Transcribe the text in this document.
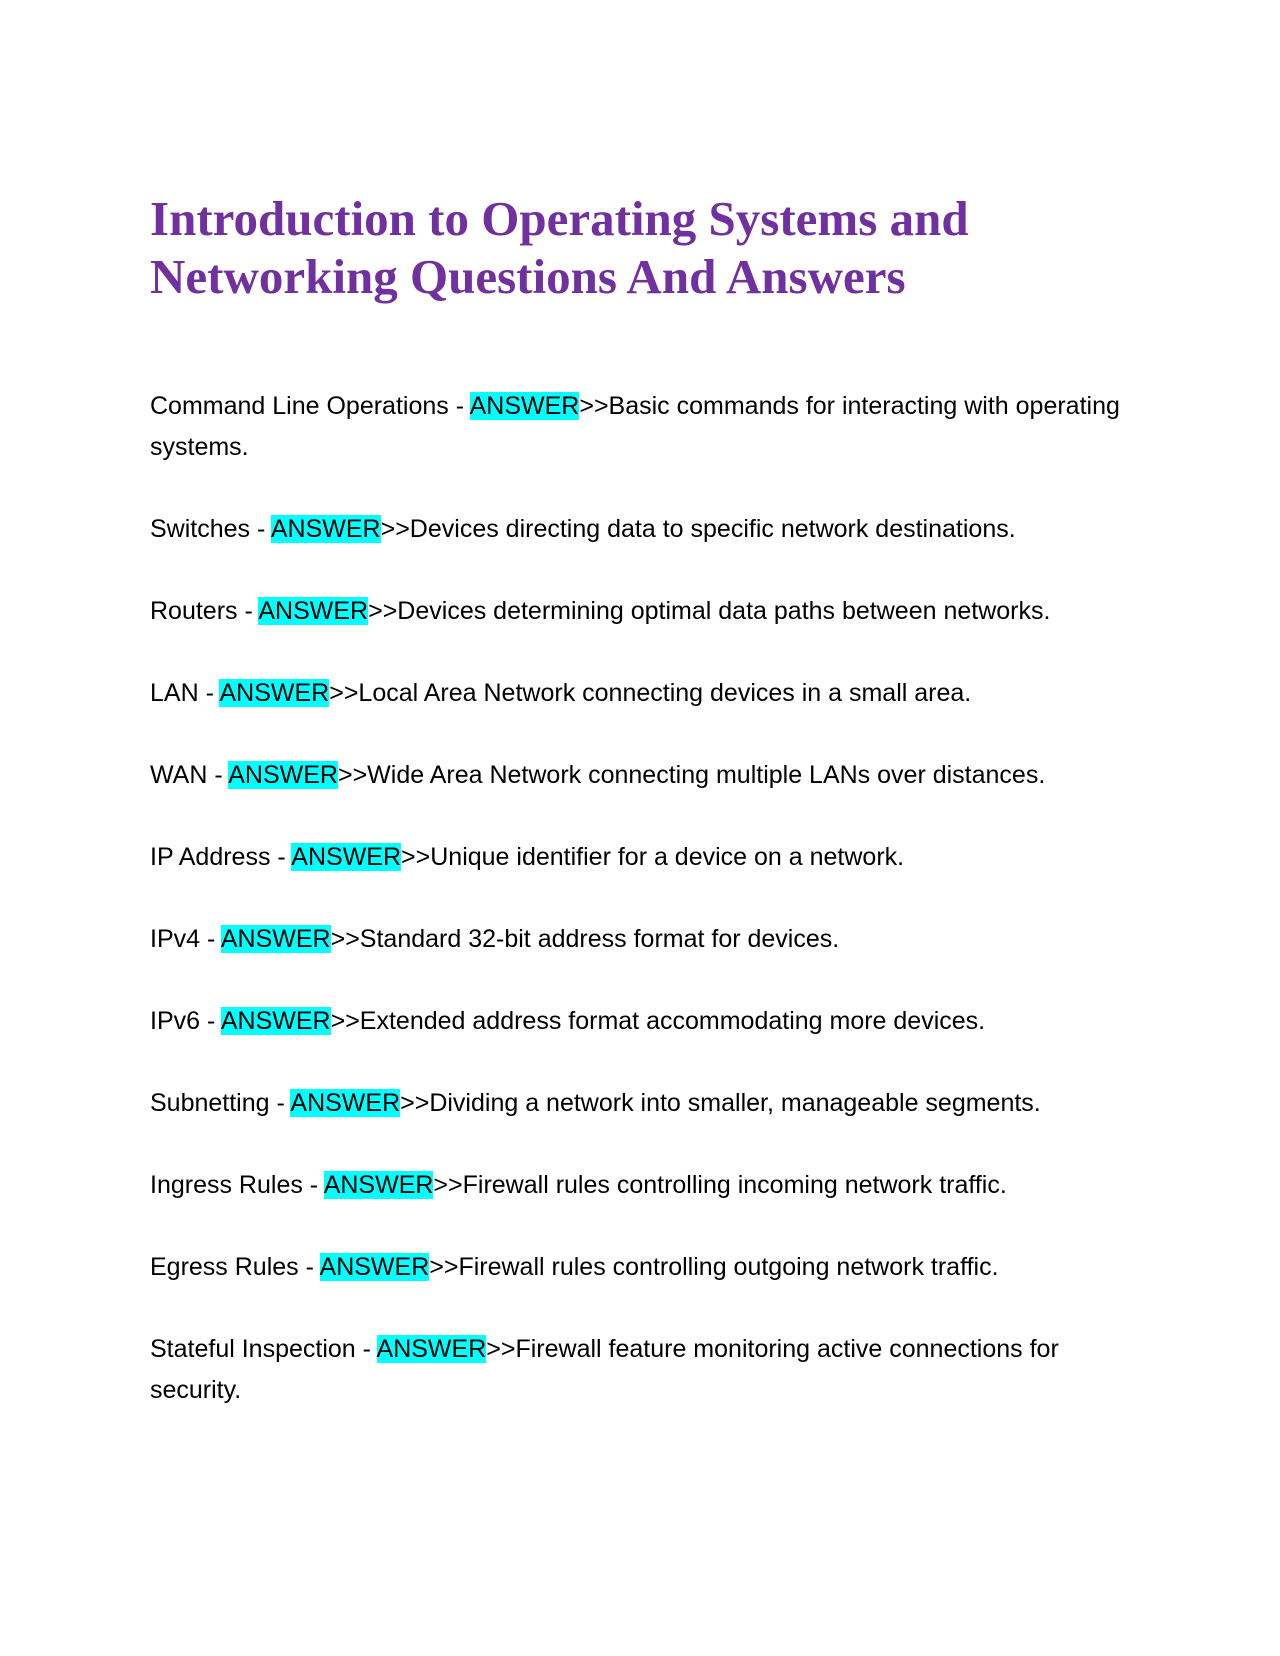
Introduction to Operating Systems and
Networking Questions And Answers
Command Line Operations - ANSWER>>Basic commands for interacting with operating systems.
Switches - ANSWER>>Devices directing data to specific network destinations.
Routers - ANSWER>>Devices determining optimal data paths between networks.
LAN - ANSWER>>Local Area Network connecting devices in a small area.
WAN - ANSWER>>Wide Area Network connecting multiple LANs over distances.
IP Address - ANSWER>>Unique identifier for a device on a network.
IPv4 - ANSWER>>Standard 32-bit address format for devices.
IPv6 - ANSWER>>Extended address format accommodating more devices.
Subnetting - ANSWER>>Dividing a network into smaller, manageable segments.
Ingress Rules - ANSWER>>Firewall rules controlling incoming network traffic.
Egress Rules - ANSWER>>Firewall rules controlling outgoing network traffic.
Stateful Inspection - ANSWER>>Firewall feature monitoring active connections for security.
